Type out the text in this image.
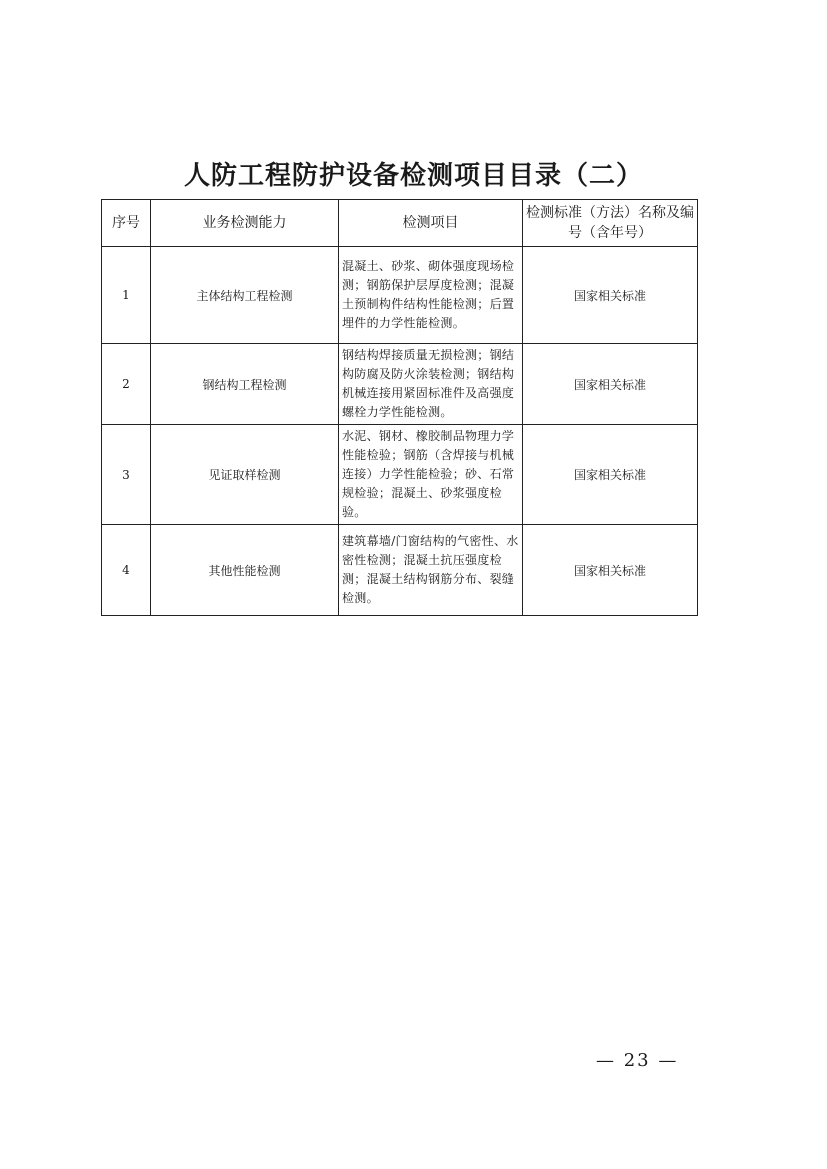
人防工程防护设备检测项目目录（二）
序号	业务检测能力	检测项目	检测标准（方法）名称及编号（含年号）
1	主体结构工程检测	混凝土、砂浆、砌体强度现场检测；钢筋保护层厚度检测；混凝土预制构件结构性能检测；后置埋件的力学性能检测。	国家相关标准
2	钢结构工程检测	钢结构焊接质量无损检测；钢结构防腐及防火涂装检测；钢结构机械连接用紧固标准件及高强度螺栓力学性能检测。	国家相关标准
3	见证取样检测	水泥、钢材、橡胶制品物理力学性能检验；钢筋（含焊接与机械连接）力学性能检验；砂、石常规检验；混凝土、砂浆强度检验。	国家相关标准
4	其他性能检测	建筑幕墙/门窗结构的气密性、水密性检测；混凝土抗压强度检测；混凝土结构钢筋分布、裂缝检测。	国家相关标准
— 23 —
